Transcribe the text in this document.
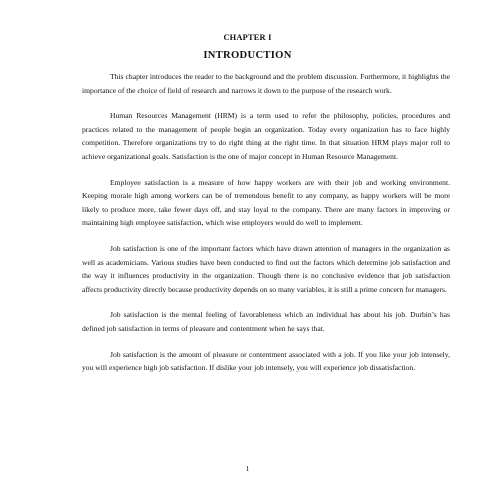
CHAPTER I
INTRODUCTION

This chapter introduces the reader to the background and the problem discussion. Furthermore, it highlights the importance of the choice of field of research and narrows it down to the purpose of the research work.

Human Resources Management (HRM) is a term used to refer the philosophy, policies, procedures and practices related to the management of people begin an organization. Today every organization has to face highly competition. Therefore organizations try to do right thing at the right time. In that situation HRM plays major roll to achieve organizational goals. Satisfaction is the one of major concept in Human Resource Management.

Employee satisfaction is a measure of how happy workers are with their job and working environment. Keeping morale high among workers can be of tremendous benefit to any company, as happy workers will be more likely to produce more, take fewer days off, and stay loyal to the company. There are many factors in improving or maintaining high employee satisfaction, which wise employers would do well to implement.

Job satisfaction is one of the important factors which have drawn attention of managers in the organization as well as academicians. Various studies have been conducted to find out the factors which determine job satisfaction and the way it influences productivity in the organization. Though there is no conclusive evidence that job satisfaction affects productivity directly because productivity depends on so many variables, it is still a prime concern for managers.

Job satisfaction is the mental feeling of favorableness which an individual has about his job. Durbin’s has defined job satisfaction in terms of pleasure and contentment when he says that.

Job satisfaction is the amount of pleasure or contentment associated with a job. If you like your job intensely, you will experience high job satisfaction. If dislike your job intensely, you will experience job dissatisfaction.

1
